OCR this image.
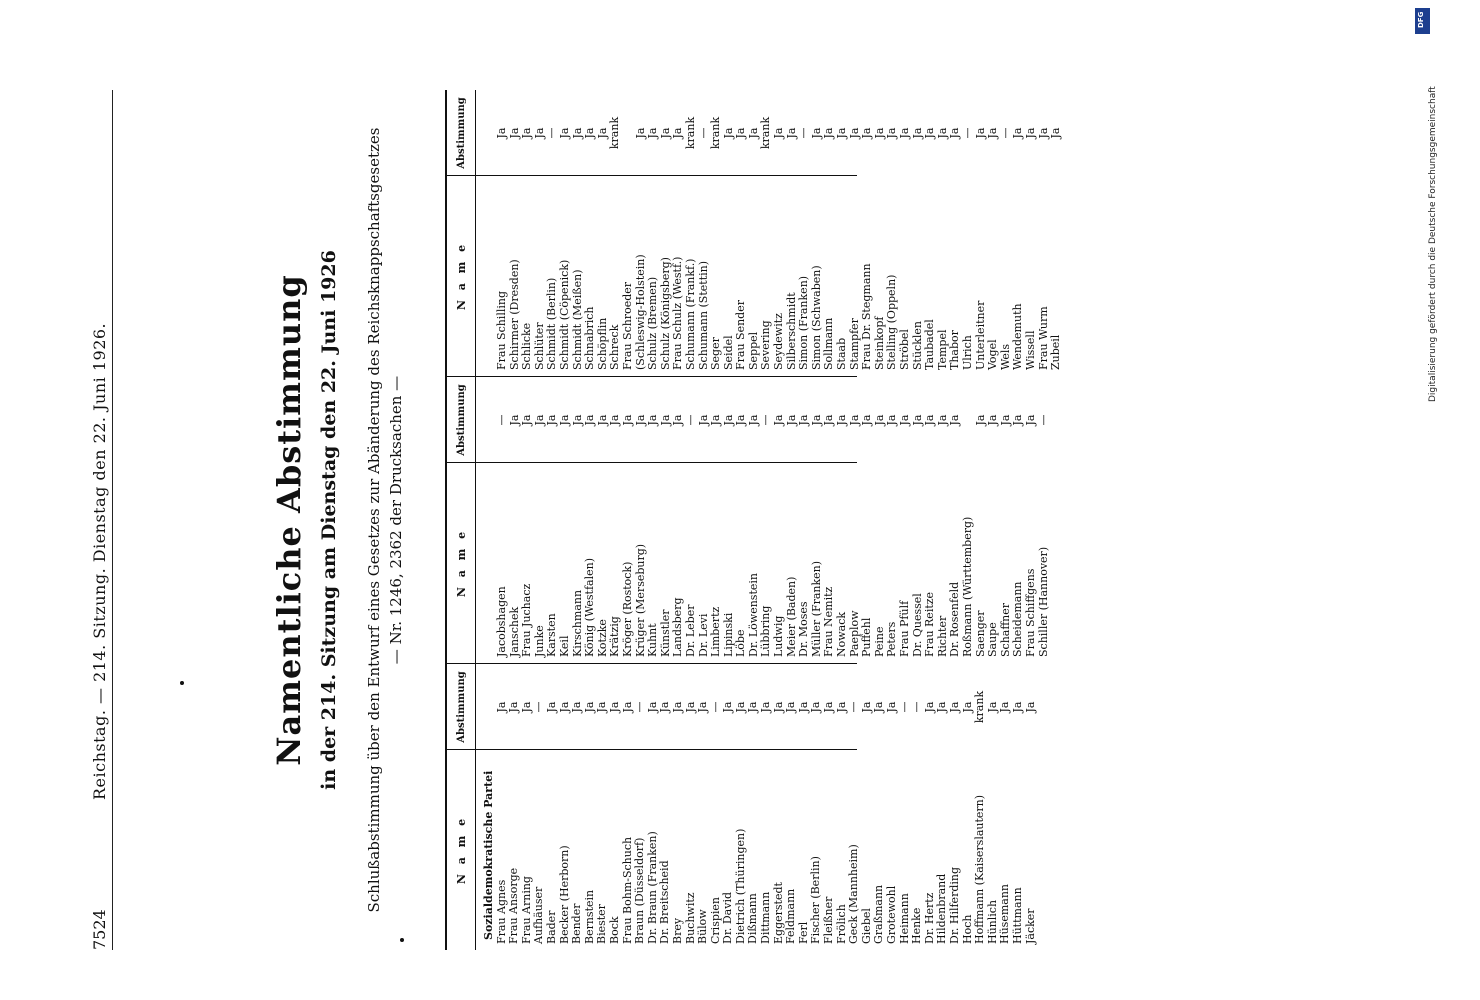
7524
Reichstag. — 214. Sitzung. Dienstag den 22. Juni 1926.	Namentliche Abstimmung in der 214. Sitzung am Dienstag den 22. Juni 1926 Schlußabstimmung über den Entwurf eines Gesetzes zur Abänderung des Reichsknappschaftsgesetzes — Nr. 1246, 2362 der Drucksachen —
N a m e
Abstimmung
Sozialdemokratische Partei Frau Agnes
Ja
Frau Ansorge
Ja
Frau Arning
Ja
Aufhäuser
—
Bader
Ja
Becker (Herborn)
Ja
Bender
Ja
Bernstein
Ja
Biester
Ja
Bock
Ja
Frau Bohm-Schuch
Ja
Braun (Düsseldorf)
—
Dr. Braun (Franken)
Ja
Dr. Breitscheid
Ja
Brey
Ja
Buchwitz
Ja
Bülow
Ja
Crispien
—
Dr. David
Ja
Dietrich (Thüringen)
Ja
Dißmann
Ja
Dittmann
Ja
Eggerstedt
Ja
Feldmann
Ja
Ferl
Ja
Fischer (Berlin)
Ja
Fleißner
Ja
Frölich
Ja
Geck (Mannheim)
—
Giebel
Ja
Graßmann
Ja
Grotewohl
Ja
Heimann
—
Henke
—
Dr. Hertz
Ja
Hildenbrand
Ja
Dr. Hilferding
Ja
Hoch
Ja
Hoffmann (Kaiserslautern)
krank
Hünlich
Ja
Hüsemann
Ja
Hüttmann
Ja
Jäcker
Ja
N a m e
Abstimmung
Jacobshagen
—
Janschek
Ja
Frau Juchacz
Ja
Junke
Ja
Karsten
Ja
Keil
Ja
Kirschmann
Ja
König (Westfalen)
Ja
Kotzke
Ja
Krätzig
Ja
Kröger (Rostock)
Ja
Krüger (Merseburg)
Ja
Kuhnt
Ja
Künstler
Ja
Landsberg
Ja
Dr. Leber
—
Dr. Levi
Ja
Limbertz
Ja
Lipinski
Ja
Löbe
Ja
Dr. Löwenstein
Ja
Lübbring
—
Ludwig
Ja
Meier (Baden)
Ja
Dr. Moses
Ja
Müller (Franken)
Ja
Frau Nemitz
Ja
Nowack
Ja
Paeplow
Ja
Puffehl
Ja
Peine
Ja
Peters
Ja
Frau Pfülf
Ja
Dr. Quessel
Ja
Frau Reitze
Ja
Richter
Ja
Dr. Rosenfeld
Ja
Roßmann (Württemberg) Saenger
Ja
Saupe
Ja
Schaffner
Ja
Scheidemann
Ja
Frau Schiffgens
Ja
Schiller (Hannover)
—
N a m e
Abstimmung
Frau Schilling
Ja
Schirmer (Dresden)
Ja
Schlicke
Ja
Schlüter
Ja
Schmidt (Berlin)
—
Schmidt (Cöpenick)
Ja
Schmidt (Meißen)
Ja
Schnabrich
Ja
Schöpflin
Ja
Schreck
krank
Frau Schroeder (Schleswig-Holstein)
Ja
Schulz (Bremen)
Ja
Schulz (Königsberg)
Ja
Frau Schulz (Westf.)
Ja
Schumann (Frankf.)
krank
Schumann (Stettin)
—
Seger
krank
Seidel
Ja
Frau Sender
Ja
Seppel
Ja
Severing
krank
Seydewitz
Ja
Silberschmidt
Ja
Simon (Franken)
—
Simon (Schwaben)
Ja
Sollmann
Ja
Staab
Ja
Stampfer
Ja
Frau Dr. Stegmann
Ja
Steinkopf
Ja
Stelling (Oppeln)
Ja
Ströbel
Ja
Stücklen
Ja
Taubadel
Ja
Tempel
Ja
Thabor
Ja
Ulrich
—
Unterleitner
Ja
Vogel
Ja
Wels
—
Wendemuth
Ja
Wissell
Ja
Frau Wurm
Ja
Zubeil
Ja	Digitalisierung gefördert durch die Deutsche Forschungsgemeinschaft
DFG
